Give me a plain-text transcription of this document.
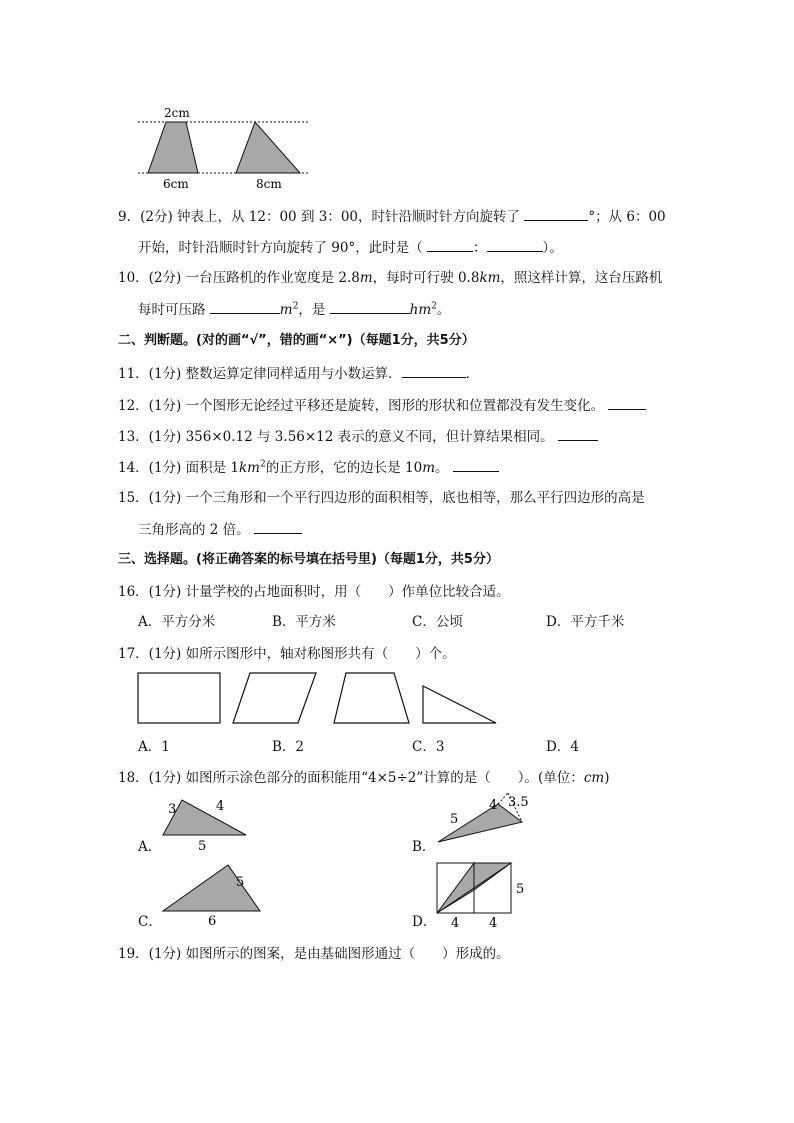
2cm
6cm	8cm
9．(2分) 钟表上，从 12：00 到 3：00，时针沿顺时针方向旋转了	°；从 6：00
开始，时针沿顺时针方向旋转了 90°，此时是（	：	）。
10．(2分) 一台压路机的作业宽度是 2.8m，每时可行驶 0.8km，照这样计算，这台压路机
每时可压路	$m^2$，是	$hm^2$。
二、判断题。(对的画“√”，错的画“×”)（每题1分，共5分）
11．(1分) 整数运算定律同样适用与小数运算．	．
12．(1分) 一个图形无论经过平移还是旋转，图形的形状和位置都没有发生变化。
13．(1分) 356×0.12 与 3.56×12 表示的意义不同，但计算结果相同。
14．(1分) 面积是 $1km^2$的正方形，它的边长是 10m。
15．(1分) 一个三角形和一个平行四边形的面积相等，底也相等，那么平行四边形的高是
三角形高的 2 倍。
三、选择题。(将正确答案的标号填在括号里)（每题1分，共5分）
16．(1分) 计量学校的占地面积时，用（　　）作单位比较合适。
A．平方分米	B．平方米	C．公顷	D．平方千米
17．(1分) 如所示图形中，轴对称图形共有（　　）个。
A．1	B．2	C．3	D．4
18．(1分) 如图所示涂色部分的面积能用“4×5÷2”计算的是（　　）。(单位：cm)
A．
3	4
5	B．
5
4 3.5
C．
5
6	D．
5
4 4
19．(1分) 如图所示的图案，是由基础图形通过（　　）形成的。
